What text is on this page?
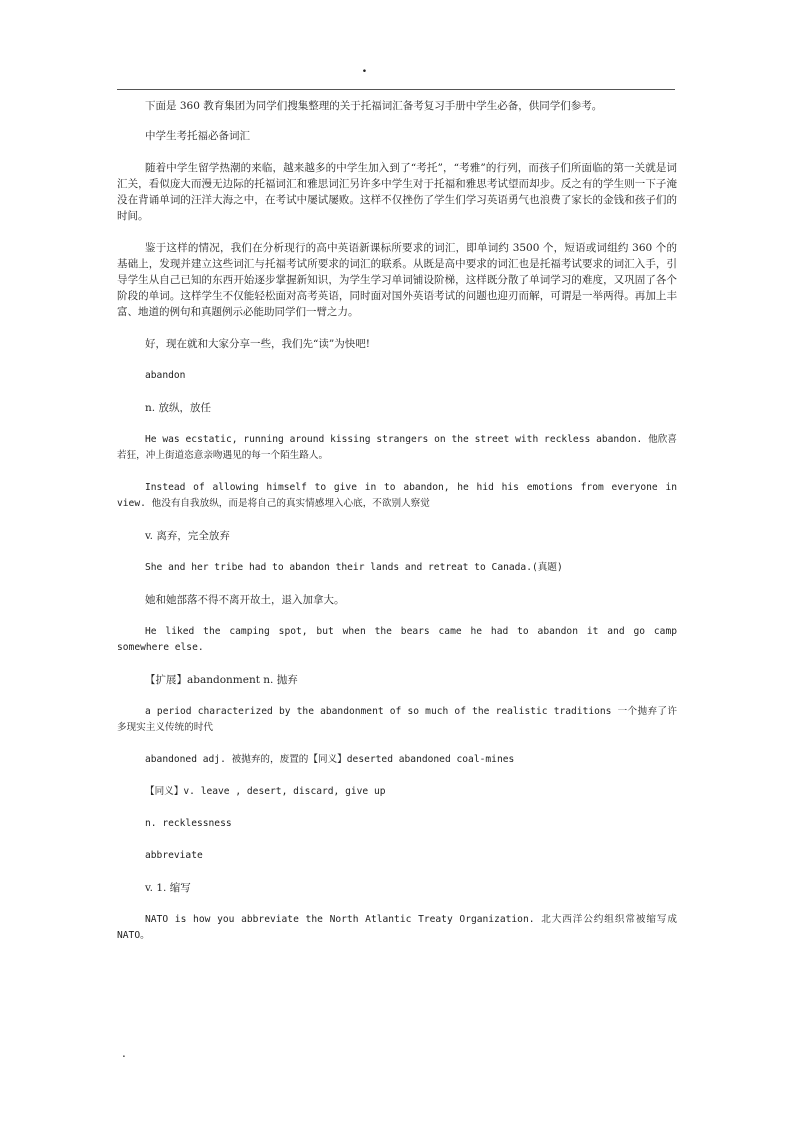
.

下面是 360 教育集团为同学们搜集整理的关于托福词汇备考复习手册中学生必备，供同学们参考。

中学生考托福必备词汇

随着中学生留学热潮的来临，越来越多的中学生加入到了“考托”，“考雅”的行列，而孩子们所面临的第一关就是词汇关，看似庞大而漫无边际的托福词汇和雅思词汇另许多中学生对于托福和雅思考试望而却步。反之有的学生则一下子淹没在背诵单词的汪洋大海之中，在考试中屡试屡败。这样不仅挫伤了学生们学习英语勇气也浪费了家长的金钱和孩子们的时间。

鉴于这样的情况，我们在分析现行的高中英语新课标所要求的词汇，即单词约 3500 个，短语或词组约 360 个的基础上，发现并建立这些词汇与托福考试所要求的词汇的联系。从既是高中要求的词汇也是托福考试要求的词汇入手，引导学生从自己已知的东西开始逐步掌握新知识，为学生学习单词铺设阶梯，这样既分散了单词学习的难度，又巩固了各个阶段的单词。这样学生不仅能轻松面对高考英语，同时面对国外英语考试的问题也迎刃而解，可谓是一举两得。再加上丰富、地道的例句和真题例示必能助同学们一臂之力。

好，现在就和大家分享一些，我们先“读”为快吧!

abandon

n. 放纵，放任

He was ecstatic, running around kissing strangers on the street with reckless abandon. 他欣喜若狂，冲上街道恣意亲吻遇见的每一个陌生路人。

Instead of allowing himself to give in to abandon, he hid his emotions from everyone in view. 他没有自我放纵，而是将自己的真实情感埋入心底，不欲别人察觉

v. 离弃，完全放弃

She and her tribe had to abandon their lands and retreat to Canada.(真题)

她和她部落不得不离开故土，退入加拿大。

He liked the camping spot, but when the bears came he had to abandon it and go camp somewhere else.

【扩展】abandonment n. 抛弃

a period characterized by the abandonment of so much of the realistic traditions 一个抛弃了许多现实主义传统的时代

abandoned adj. 被抛弃的，废置的【同义】deserted abandoned coal-mines

【同义】v. leave , desert, discard, give up

n. recklessness

abbreviate

v. 1. 缩写

NATO is how you abbreviate the North Atlantic Treaty Organization. 北大西洋公约组织常被缩写成 NATO。

.
